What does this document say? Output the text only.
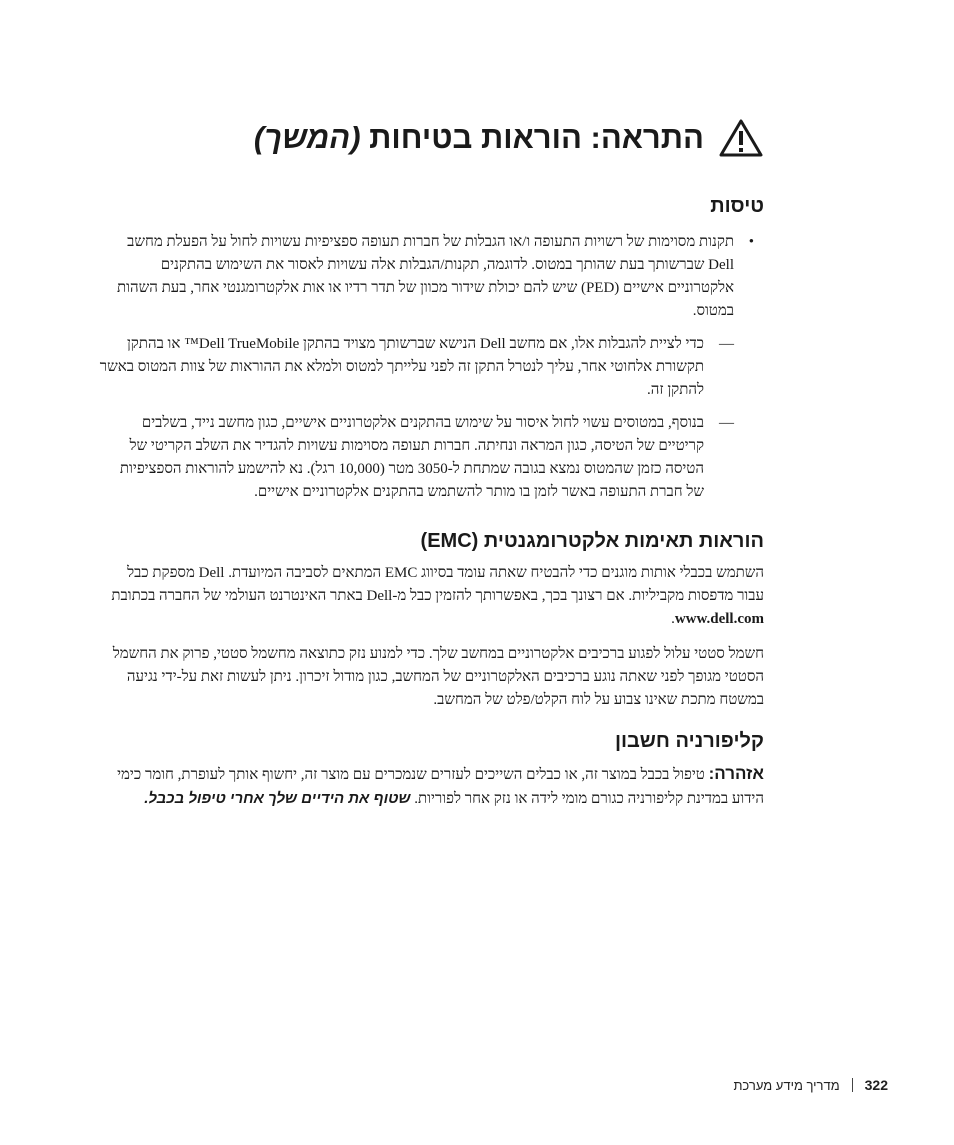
התראה: הוראות בטיחות (המשך)
טיסות
•

תקנות מסוימות של רשויות התעופה ו/או הגבלות של חברות תעופה ספציפיות עשויות לחול על הפעלת מחשב Dell שברשותך בעת שהותך במטוס. לדוגמה, תקנות/הגבלות אלה עשויות לאסור את השימוש בהתקנים אלקטרוניים אישיים (PED) שיש להם יכולת שידור מכוון של תדר רדיו או אות אלקטרומגנטי אחר, בעת השהות במטוס.

—

כדי לציית להגבלות אלו, אם מחשב Dell הנישא שברשותך מצויד בהתקן Dell TrueMobile™ או בהתקן תקשורת אלחוטי אחר, עליך לנטרל התקן זה לפני עלייתך למטוס ולמלא את ההוראות של צוות המטוס באשר להתקן זה.

—

בנוסף, במטוסים עשוי לחול איסור על שימוש בהתקנים אלקטרוניים אישיים, כגון מחשב נייד, בשלבים קריטיים של הטיסה, כגון המראה ונחיתה. חברות תעופה מסוימות עשויות להגדיר את השלב הקריטי של הטיסה כזמן שהמטוס נמצא בגובה שמתחת ל-3050 מטר (10,000 רגל). נא להישמע להוראות הספציפיות של חברת התעופה באשר לזמן בו מותר להשתמש בהתקנים אלקטרוניים אישיים.

הוראות תאימות אלקטרומגנטית (EMC)

השתמש בכבלי אותות מוגנים כדי להבטיח שאתה עומד בסיווג EMC המתאים לסביבה המיועדת. Dell מספקת כבל עבור מדפסות מקביליות. אם רצונך בכך, באפשרותך להזמין כבל מ-Dell באתר האינטרנט העולמי של החברה בכתובת www.dell.com.

חשמל סטטי עלול לפגוע ברכיבים אלקטרוניים במחשב שלך. כדי למנוע נזק כתוצאה מחשמל סטטי, פרוק את החשמל הסטטי מגופך לפני שאתה נוגע ברכיבים האלקטרוניים של המחשב, כגון מודול זיכרון. ניתן לעשות זאת על-ידי נגיעה במשטח מתכת שאינו צבוע על לוח הקלט/פלט של המחשב.

קליפורניה חשבון

אזהרה: טיפול בכבל במוצר זה, או כבלים השייכים לעזרים שנמכרים עם מוצר זה, יחשוף אותך לעופרת, חומר כימי הידוע במדינת קליפורניה כגורם מומי לידה או נזק אחר לפוריות. שטוף את הידיים שלך אחרי טיפול בכבל.

322
מדריך מידע מערכת
